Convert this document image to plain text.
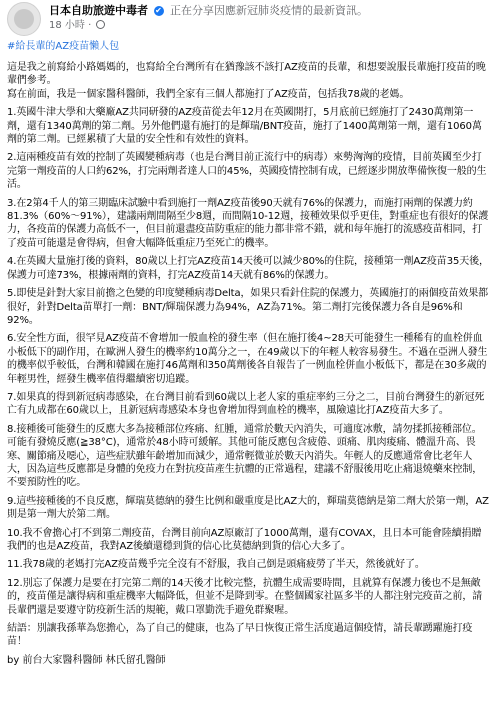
日本自助旅遊中毒者 ✔ 正在分享因應新冠肺炎疫情的最新資訊。
18 小時 ·
#給長輩的AZ疫苗懶人包
這是我之前寫給小路媽媽的，也寫給全台灣所有在猶豫該不該打AZ疫苗的長輩，和想要說服長輩施打疫苗的晚輩們參考。
寫在前面，我是一個家醫科醫師，我們全家有三個人都施打了AZ疫苗，包括我78歲的老媽。
1.英國牛津大學和大藥廠AZ共同研發的AZ疫苗從去年12月在英國開打，5月底前已經施打了2430萬劑第一劑，還有1340萬劑的第二劑。另外他們還有施打的是輝瑞/BNT疫苗，施打了1400萬劑第一劑，還有1060萬劑的第二劑。已經累積了大量的安全性和有效性的資料。
2.這兩種疫苗有效的控制了英國變種病毒（也是台灣目前正流行中的病毒）來勢洶洶的疫情，目前英國至少打完第一劑疫苗的人口約62%，打完兩劑者達人口的45%，英國疫情控制有成，已經逐步開放準備恢復一般的生活。
3.在2第4千人的第三期臨床試驗中看到施打一劑AZ疫苗後90天就有76%的保護力，而施打兩劑的保護力約81.3%（60%～91%），建議兩劑間隔至少8週，而間隔10-12週，接種效果似乎更佳，對重症也有很好的保護力，各疫苗的保護力高低不一，但目前還盡疫苗防重症的能力都非常不錯，就和每年施打的流感疫苗相同，打了疫苗可能還是會得病，但會大幅降低重症乃至死亡的機率。
4.在英國大量施打後的資料，80歲以上打完AZ疫苗14天後可以減少80%的住院，接種第一劑AZ疫苗35天後，保護力可達73%，根據兩劑的資料，打完AZ疫苗14天就有86%的保護力。
5.即使是針對大家目前擔之色變的印度變種病毒Delta，如果只看針住院的保護力，英國施打的兩個疫苗效果都很好，針對Delta苗單打一劑：BNT/輝瑞保護力為94%，AZ為71%。第二劑打完後保護力各自是96%和92%。
6.安全性方面，很罕見AZ疫苗不會增加一般血栓的發生率（但在施打後4~28天可能發生一種稀有的血栓併血小板低下的副作用，在歐洲人發生的機率約10萬分之一，在49歲以下的年輕人較容易發生。不過在亞洲人發生的機率似乎較低，台灣和韓國在施打46萬劑和350萬劑後各自報告了一例血栓併血小板低下，都是在30多歲的年輕男性，經發生機率值得繼續密切追蹤。
7.如果真的得到新冠病毒感染，在台灣目前看到60歲以上老人家的重症率約三分之二，目前台灣發生的新冠死亡有九成都在60歲以上，且新冠病毒感染本身也會增加得到血栓的機率，風險遠比打AZ疫苗大多了。
8.接種後可能發生的反應大多為接種部位疼痛、紅腫，通常於數天內消失，可適度冰敷，請勿揉抓接種部位。可能有發燒反應(≧38°C)，通常於48小時可緩解。其他可能反應包含疲倦、頭痛、肌肉痠痛、體溫升高、畏寒、關節痛及噁心，這些症狀雖年齡增加而減少，通常輕微並於數天內消失。年輕人的反應通常會比老年人大，因為這些反應都是身體的免疫力在對抗疫苗產生抗體的正常過程，建議不舒服後用吃止痛退燒藥來控制，不要預防性的吃。
9.這些接種後的不良反應，輝瑞莫德納的發生比例和嚴重度是比AZ大的，輝瑞莫德納是第二劑大於第一劑，AZ則是第一劑大於第二劑。
10.我不會擔心打不到第二劑疫苗，台灣目前向AZ原廠訂了1000萬劑，還有COVAX，且日本可能會陸續捐贈我們的也是AZ疫苗，我對AZ後續還穩到貨的信心比莫德納到貨的信心大多了。
11.我78歲的老媽打完AZ疫苗幾乎完全沒有不舒服，我自己倒是頭痛疲勞了半天，然後就好了。
12.別忘了保護力是要在打完第二劑的14天後才比較完整，抗體生成需要時間，且就算有保護力後也不是無敵的，疫苗僅是讓得病和重症機率大幅降低，但並不是降到零。在整個國家社區多半的人都注射完疫苗之前，請長輩們還是要遵守防疫新生活的規範，戴口罩勤洗手避免群聚喔。
結語：別讓我孫華為您擔心，為了自己的健康，也為了早日恢復正常生活度過這個疫情，請長輩踴躍施打疫苗！
by 前台大家醫科醫師 林氏留孔醫師
